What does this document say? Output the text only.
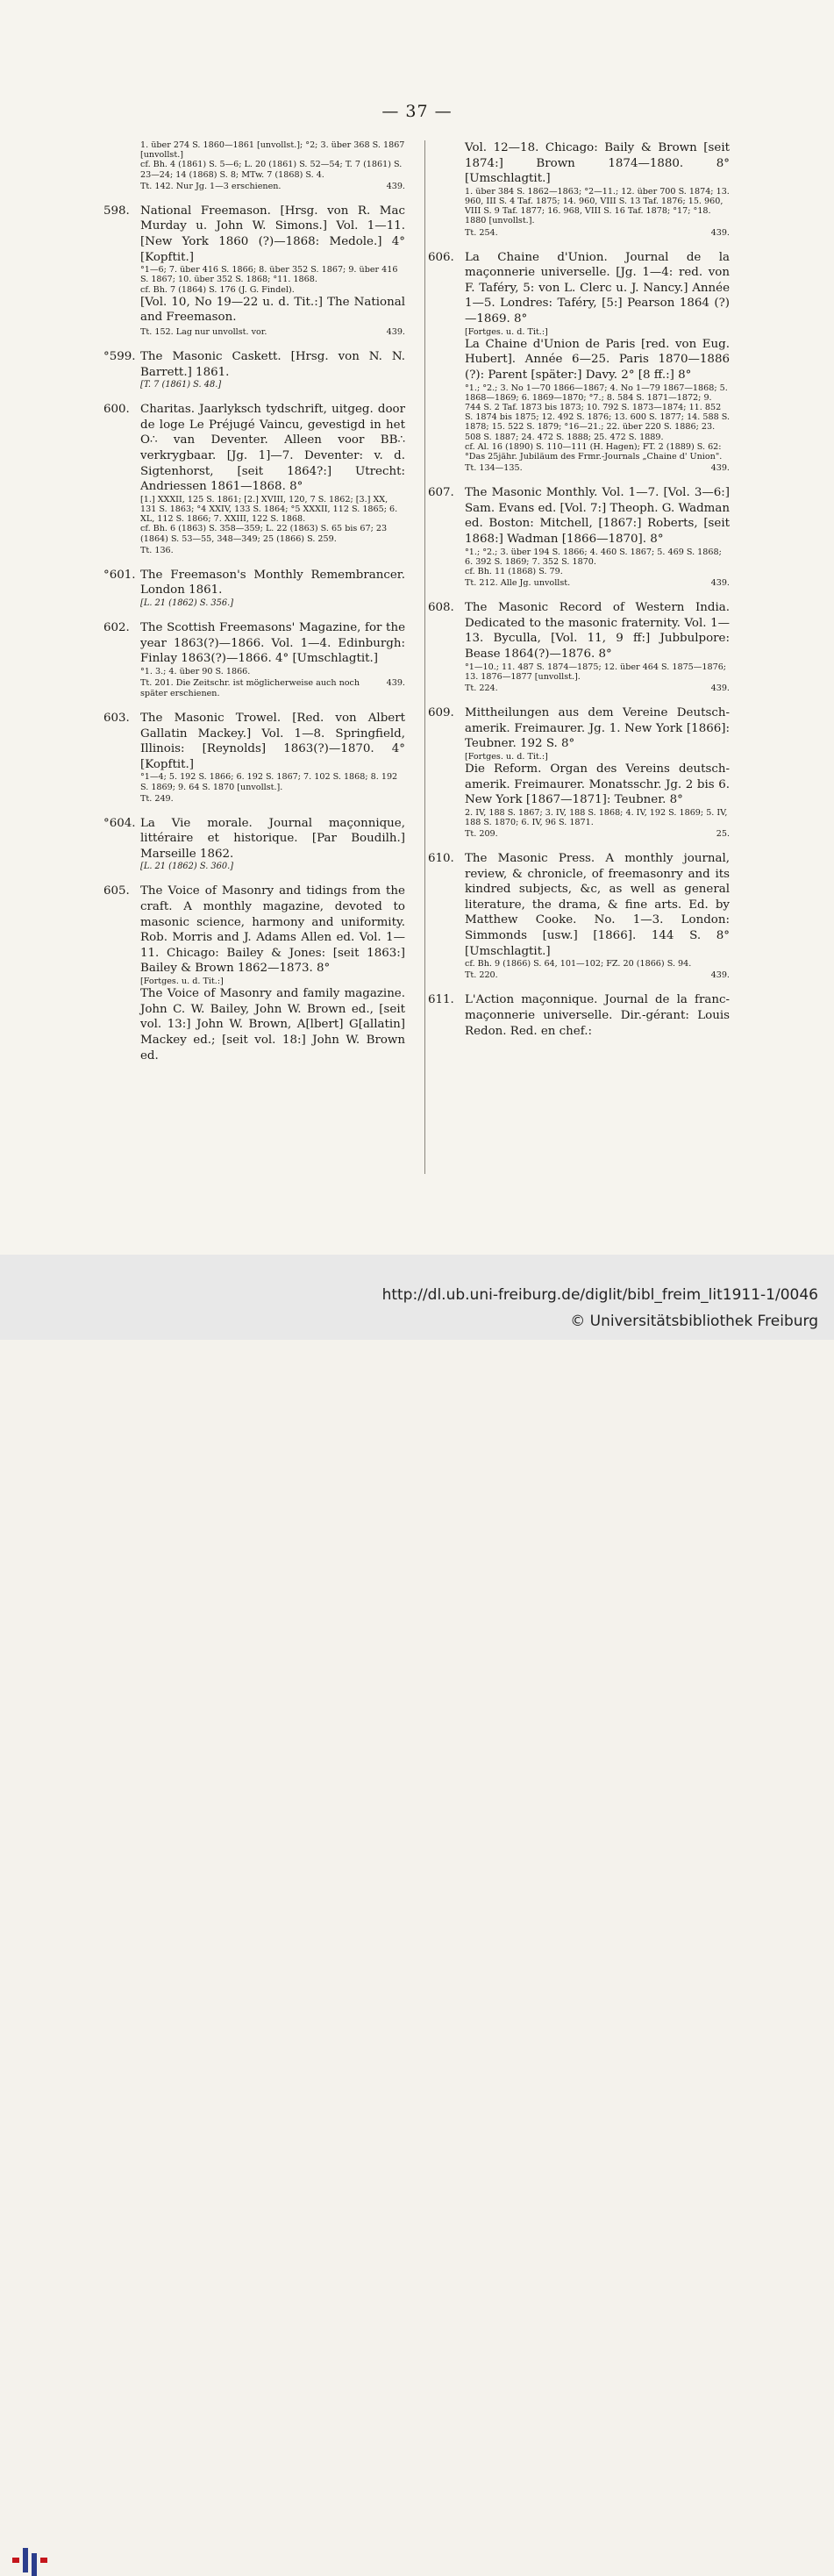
— 37 —

1. über 274 S. 1860—1861 [unvollst.]; °2; 3. über 368 S. 1867 [unvollst.]

cf. Bh. 4 (1861) S. 5—6; L. 20 (1861) S. 52—54; T. 7 (1861) S. 23—24; 14 (1868) S. 8; MTw. 7 (1868) S. 4.

Tt. 142. Nur Jg. 1—3 erschienen.	439.
598. National Freemason. [Hrsg. von R. Mac Murday u. John W. Simons.] Vol. 1—11. [New York 1860 (?)—1868: Medole.] 4° [Kopftit.]

°1—6; 7. über 416 S. 1866; 8. über 352 S. 1867; 9. über 416 S. 1867; 10. über 352 S. 1868; °11. 1868.

cf. Bh. 7 (1864) S. 176 (J. G. Findel).

[Vol. 10, No 19—22 u. d. Tit.:] The National and Freemason.

Tt. 152. Lag nur unvollst. vor.	439.
°599. The Masonic Caskett. [Hrsg. von N. N. Barrett.] 1861.

[T. 7 (1861) S. 48.]

600. Charitas. Jaarlyksch tydschrift, uitgeg. door de loge Le Préjugé Vaincu, gevestigd in het O∴ van Deventer. Alleen voor BB∴ verkrygbaar. [Jg. 1]—7. Deventer: v. d. Sigtenhorst, [seit 1864?:] Utrecht: Andriessen 1861—1868. 8°

[1.] XXXII, 125 S. 1861; [2.] XVIII, 120, 7 S. 1862; [3.] XX, 131 S. 1863; °4 XXIV, 133 S. 1864; °5 XXXII, 112 S. 1865; 6. XL, 112 S. 1866; 7. XXIII, 122 S. 1868.

cf. Bh. 6 (1863) S. 358—359; L. 22 (1863) S. 65 bis 67; 23 (1864) S. 53—55, 348—349; 25 (1866) S. 259.

Tt. 136.
°601. The Freemason's Monthly Remembrancer. London 1861.

[L. 21 (1862) S. 356.]

602. The Scottish Freemasons' Magazine, for the year 1863(?)—1866. Vol. 1—4. Edinburgh: Finlay 1863(?)—1866. 4° [Umschlagtit.]

°1. 3.; 4. über 90 S. 1866.

Tt. 201. Die Zeitschr. ist möglicherweise auch noch später erschienen.
439.
603. The Masonic Trowel. [Red. von Albert Gallatin Mackey.] Vol. 1—8. Springfield, Illinois: [Reynolds] 1863(?)—1870. 4° [Kopftit.]

°1—4; 5. 192 S. 1866; 6. 192 S. 1867; 7. 102 S. 1868; 8. 192 S. 1869; 9. 64 S. 1870 [unvollst.].

Tt. 249.
°604. La Vie morale. Journal maçonnique, littéraire et historique. [Par Boudilh.] Marseille 1862.

[L. 21 (1862) S. 360.]

605. The Voice of Masonry and tidings from the craft. A monthly magazine, devoted to masonic science, harmony and uniformity. Rob. Morris and J. Adams Allen ed. Vol. 1—11. Chicago: Bailey & Jones: [seit 1863:] Bailey & Brown 1862—1873. 8°

[Fortges. u. d. Tit.:]

The Voice of Masonry and family magazine. John C. W. Bailey, John W. Brown ed., [seit vol. 13:] John W. Brown, A[lbert] G[allatin] Mackey ed.; [seit vol. 18:] John W. Brown ed.

Vol. 12—18. Chicago: Baily & Brown [seit 1874:] Brown 1874—1880. 8° [Umschlagtit.]

1. über 384 S. 1862—1863; °2—11.; 12. über 700 S. 1874; 13. 960, III S. 4 Taf. 1875; 14. 960, VIII S. 13 Taf. 1876; 15. 960, VIII S. 9 Taf. 1877; 16. 968, VIII S. 16 Taf. 1878; °17; °18. 1880 [unvollst.].

Tt. 254.	439.
606. La Chaine d'Union. Journal de la maçonnerie universelle. [Jg. 1—4: red. von F. Taféry, 5: von L. Clerc u. J. Nancy.] Année 1—5. Londres: Taféry, [5:] Pearson 1864 (?)—1869. 8°

[Fortges. u. d. Tit.:]

La Chaine d'Union de Paris [red. von Eug. Hubert]. Année 6—25. Paris 1870—1886 (?): Parent [später:] Davy. 2° [8 ff.:] 8°

°1.; °2.; 3. No 1—70 1866—1867; 4. No 1—79 1867—1868; 5. 1868—1869; 6. 1869—1870; °7.; 8. 584 S. 1871—1872; 9. 744 S. 2 Taf. 1873 bis 1873; 10. 792 S. 1873—1874; 11. 852 S. 1874 bis 1875; 12. 492 S. 1876; 13. 600 S. 1877; 14. 588 S. 1878; 15. 522 S. 1879; °16—21.; 22. über 220 S. 1886; 23. 508 S. 1887; 24. 472 S. 1888; 25. 472 S. 1889.

cf. Al. 16 (1890) S. 110—111 (H. Hagen); FT. 2 (1889) S. 62: °Das 25jähr. Jubiläum des Frmr.-Journals „Chaine d' Union".

Tt. 134—135.	439.
607. The Masonic Monthly. Vol. 1—7. [Vol. 3—6:] Sam. Evans ed. [Vol. 7:] Theoph. G. Wadman ed. Boston: Mitchell, [1867:] Roberts, [seit 1868:] Wadman [1866—1870]. 8°

°1.; °2.; 3. über 194 S. 1866; 4. 460 S. 1867; 5. 469 S. 1868; 6. 392 S. 1869; 7. 352 S. 1870.

cf. Bh. 11 (1868) S. 79.

Tt. 212. Alle Jg. unvollst.	439.
608. The Masonic Record of Western India. Dedicated to the masonic fraternity. Vol. 1—13. Byculla, [Vol. 11, 9 ff:] Jubbulpore: Bease 1864(?)—1876. 8°

°1—10.; 11. 487 S. 1874—1875; 12. über 464 S. 1875—1876; 13. 1876—1877 [unvollst.].

Tt. 224.	439.
609. Mittheilungen aus dem Vereine Deutsch-amerik. Freimaurer. Jg. 1. New York [1866]: Teubner. 192 S. 8°

[Fortges. u. d. Tit.:]

Die Reform. Organ des Vereins deutsch-amerik. Freimaurer. Monatsschr. Jg. 2 bis 6. New York [1867—1871]: Teubner. 8°

2. IV, 188 S. 1867; 3. IV, 188 S. 1868; 4. IV, 192 S. 1869; 5. IV, 188 S. 1870; 6. IV, 96 S. 1871.

Tt. 209.	25.
610. The Masonic Press. A monthly journal, review, & chronicle, of freemasonry and its kindred subjects, &c, as well as general literature, the drama, & fine arts. Ed. by Matthew Cooke. No. 1—3. London: Simmonds [usw.] [1866]. 144 S. 8° [Umschlagtit.]

cf. Bh. 9 (1866) S. 64, 101—102; FZ. 20 (1866) S. 94.

Tt. 220.	439.
611. L'Action maçonnique. Journal de la franc-maçonnerie universelle. Dir.-gérant: Louis Redon. Red. en chef.:

http://dl.ub.uni-freiburg.de/diglit/bibl_freim_lit1911-1/0046
© Universitätsbibliothek Freiburg
